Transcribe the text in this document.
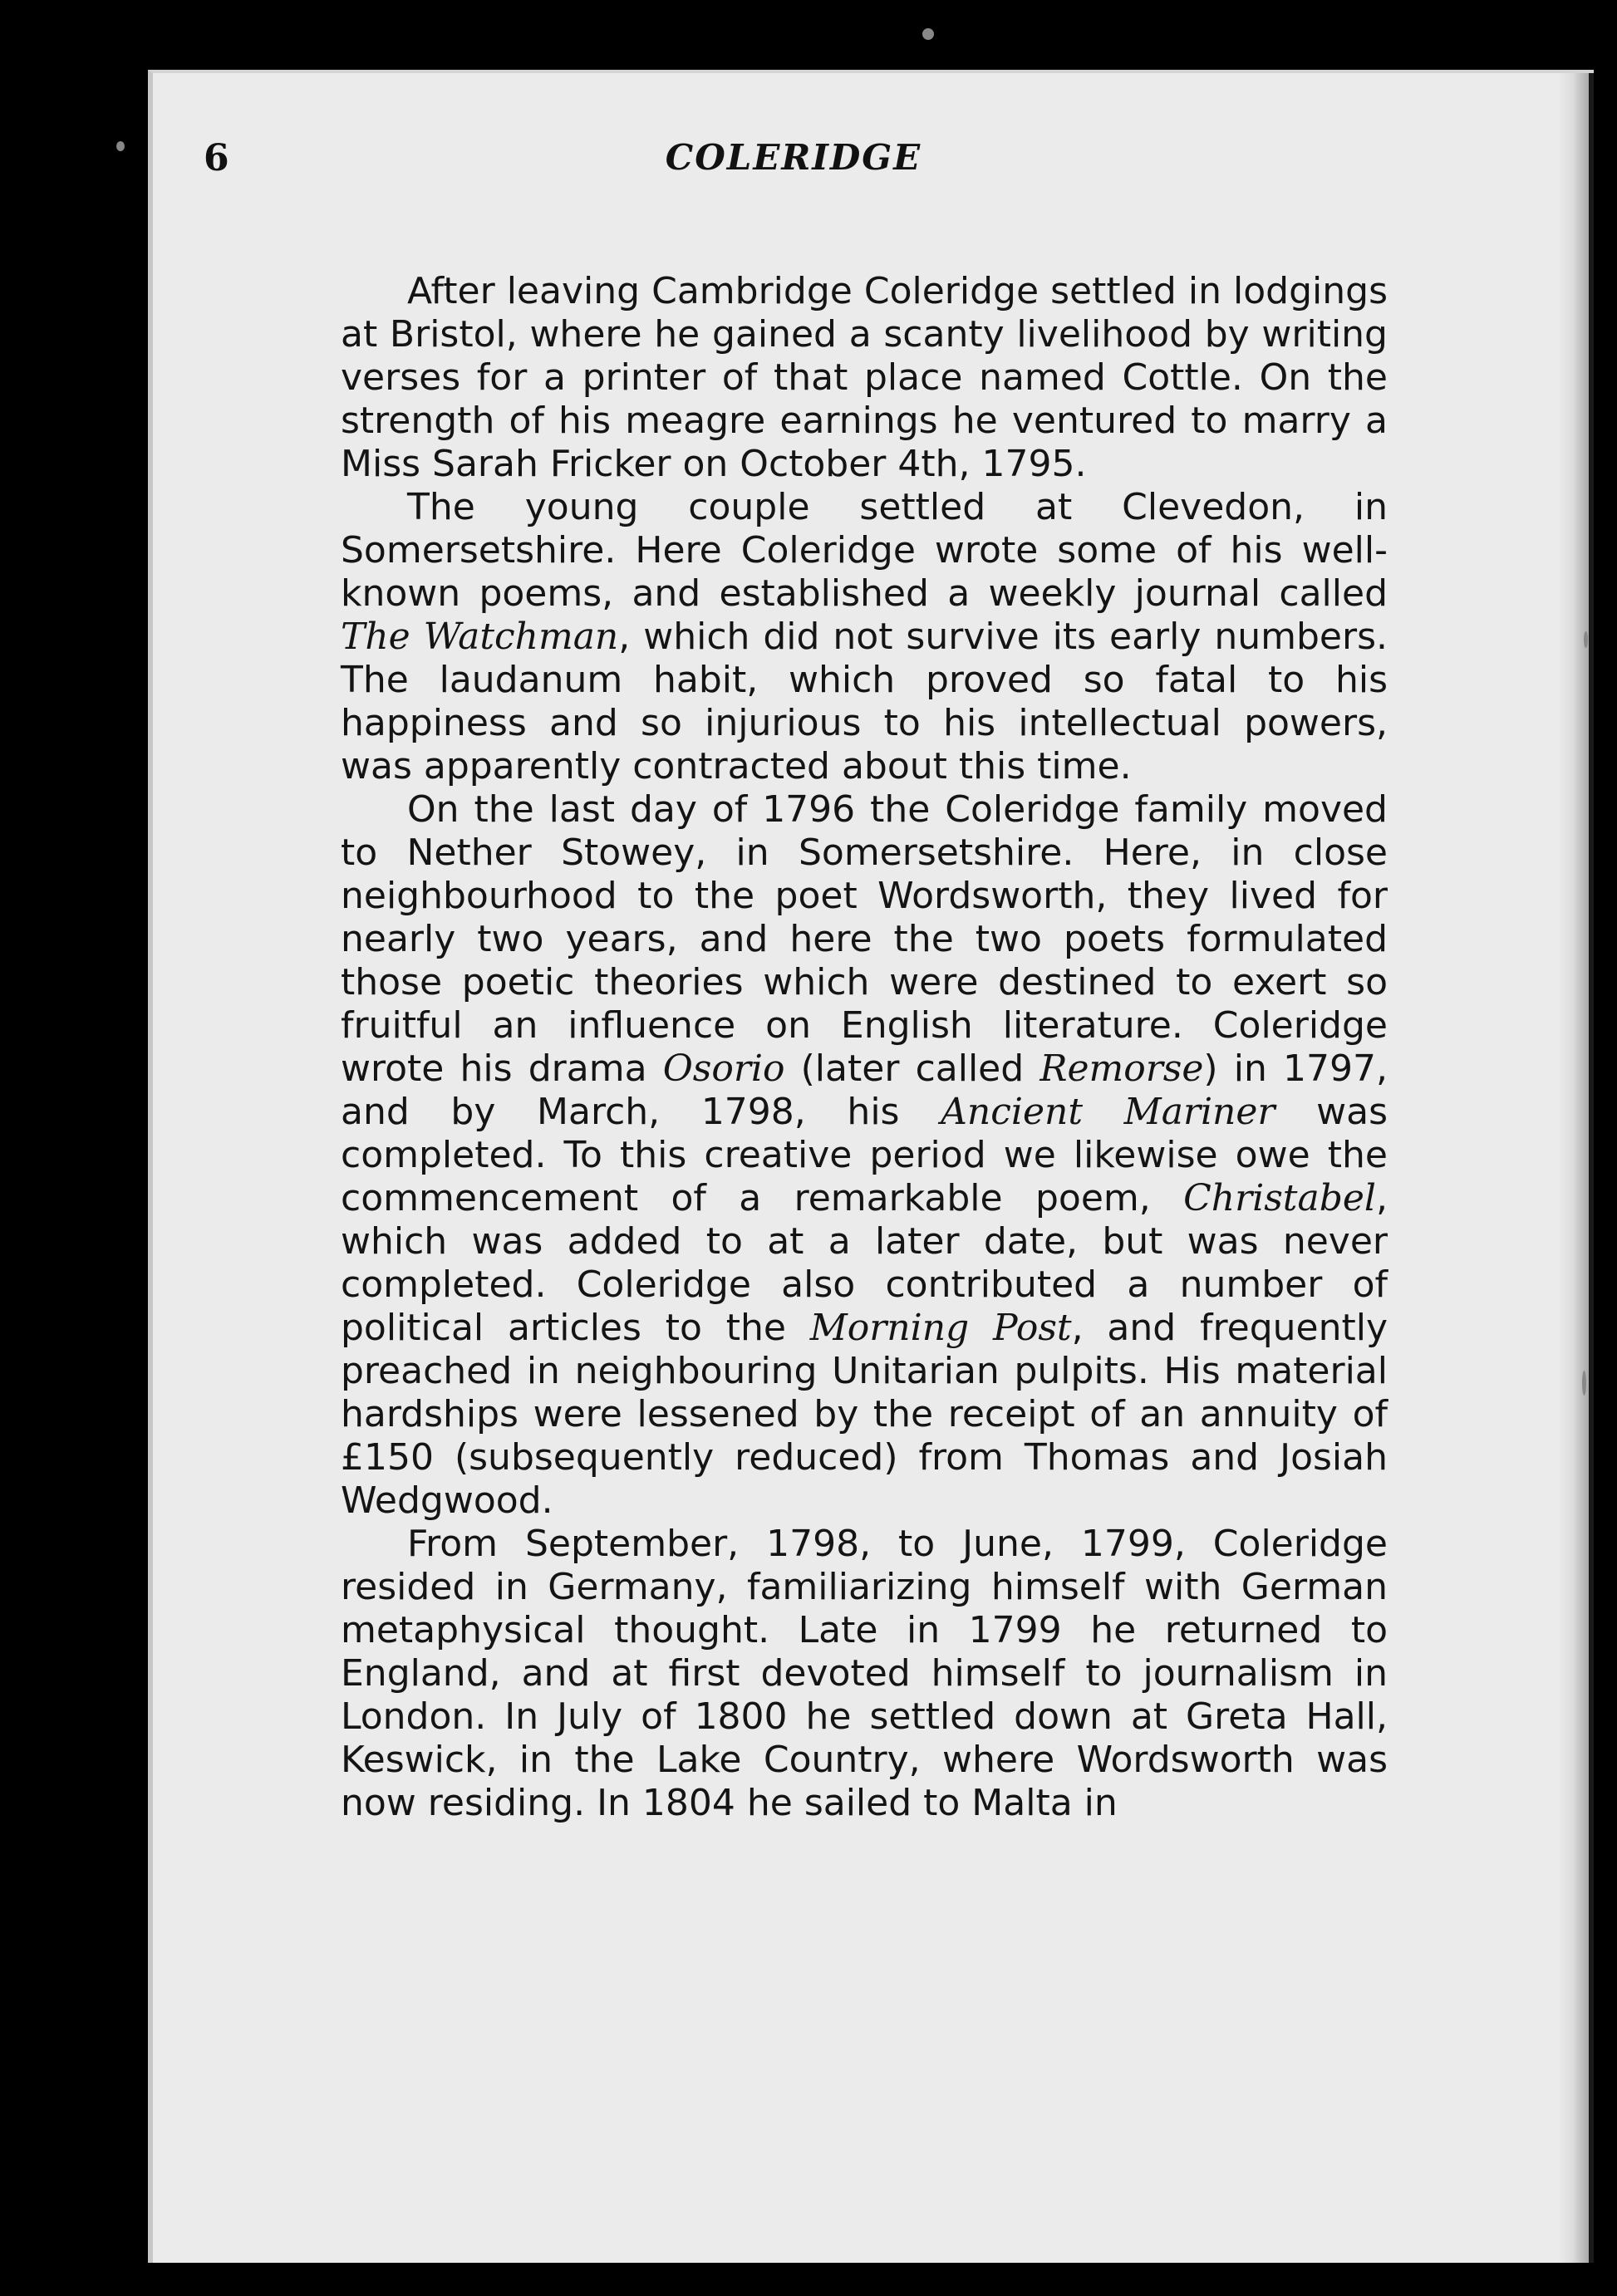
6	COLERIDGE

After leaving Cambridge Coleridge settled in lodgings at Bristol, where he gained a scanty livelihood by writing verses for a printer of that place named Cottle. On the strength of his meagre earnings he ventured to marry a Miss Sarah Fricker on October 4th, 1795.

The young couple settled at Clevedon, in Somersetshire. Here Coleridge wrote some of his well-known poems, and established a weekly journal called The Watchman, which did not survive its early numbers. The laudanum habit, which proved so fatal to his happiness and so injurious to his intellectual powers, was apparently contracted about this time.

On the last day of 1796 the Coleridge family moved to Nether Stowey, in Somersetshire. Here, in close neighbourhood to the poet Wordsworth, they lived for nearly two years, and here the two poets formulated those poetic theories which were destined to exert so fruitful an influence on English literature. Coleridge wrote his drama Osorio (later called Remorse) in 1797, and by March, 1798, his Ancient Mariner was completed. To this creative period we likewise owe the commencement of a remarkable poem, Christabel, which was added to at a later date, but was never completed. Coleridge also contributed a number of political articles to the Morning Post, and frequently preached in neighbouring Unitarian pulpits. His material hardships were lessened by the receipt of an annuity of £150 (subsequently reduced) from Thomas and Josiah Wedgwood.

From September, 1798, to June, 1799, Coleridge resided in Germany, familiarizing himself with German metaphysical thought. Late in 1799 he returned to England, and at first devoted himself to journalism in London. In July of 1800 he settled down at Greta Hall, Keswick, in the Lake Country, where Wordsworth was now residing. In 1804 he sailed to Malta in
